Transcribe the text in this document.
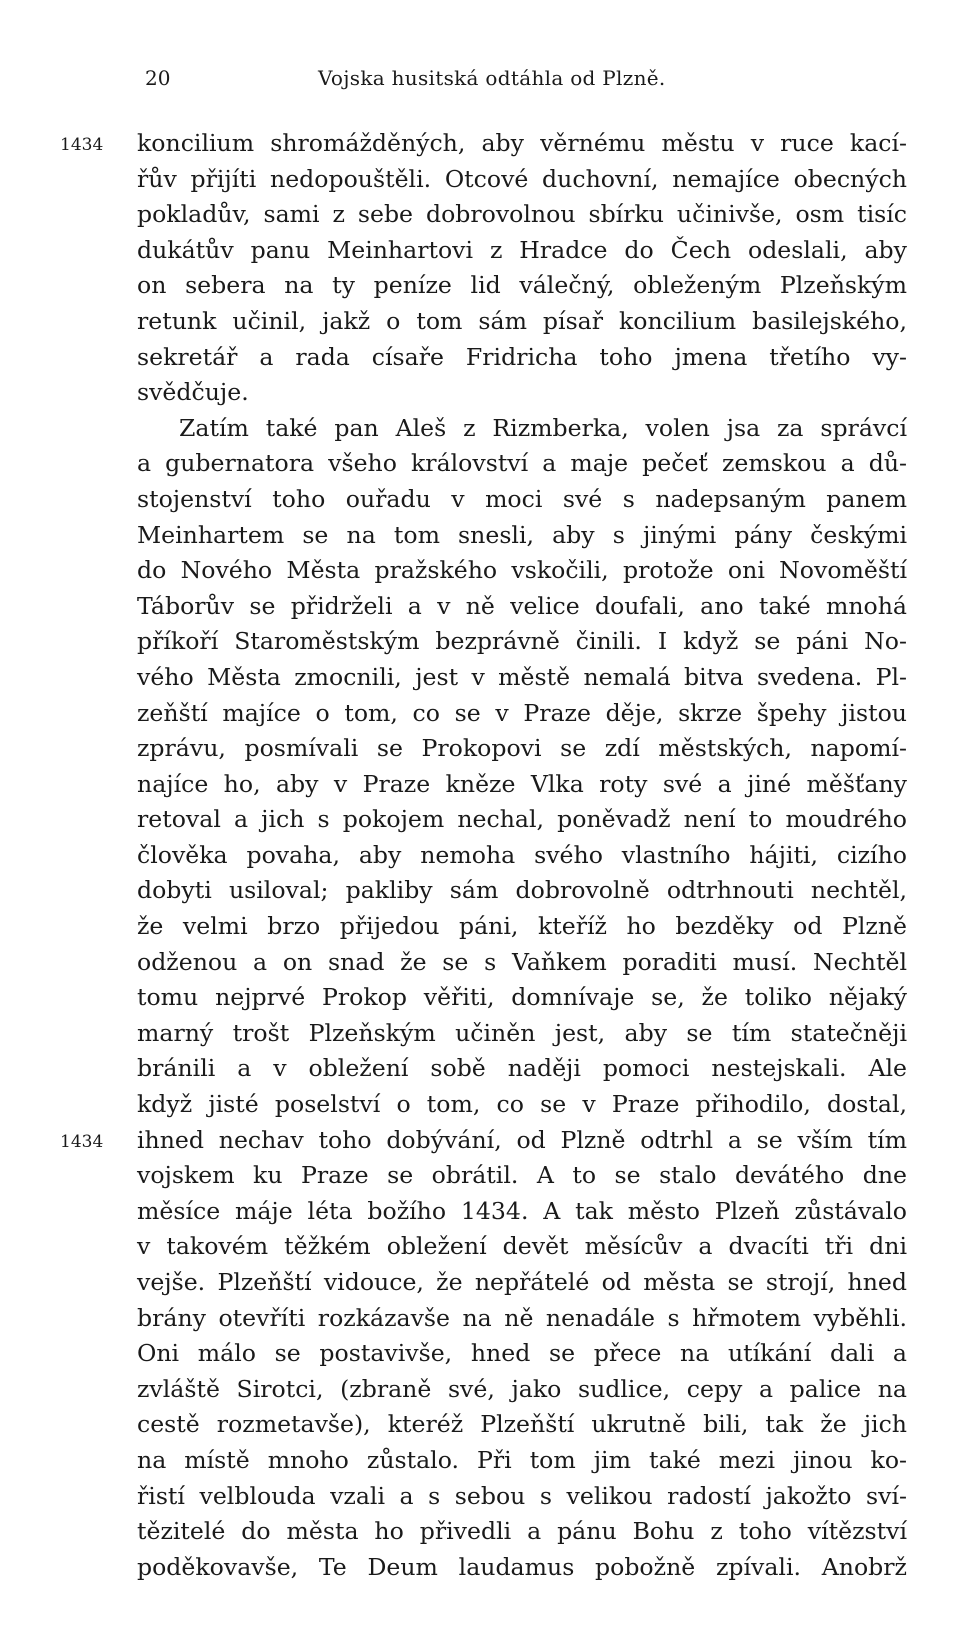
20	Vojska husitská odtáhla od Plzně.
1434
1434
koncilium shromážděných, aby věrnému městu v ruce kací-
řův přijíti nedopouštěli. Otcové duchovní, nemajíce obecných
pokladův, sami z sebe dobrovolnou sbírku učinivše, osm tisíc
dukátův panu Meinhartovi z Hradce do Čech odeslali, aby
on sebera na ty peníze lid válečný, obleženým Plzeňským
retunk učinil, jakž o tom sám písař koncilium basilejského,
sekretář a rada císaře Fridricha toho jmena třetího vy-
svědčuje.
Zatím také pan Aleš z Rizmberka, volen jsa za správcí
a gubernatora všeho království a maje pečeť zemskou a dů-
stojenství toho ouřadu v moci své s nadepsaným panem
Meinhartem se na tom snesli, aby s jinými pány českými
do Nového Města pražského vskočili, protože oni Novoměští
Táborův se přidrželi a v ně velice doufali, ano také mnohá
příkoří Staroměstským bezprávně činili. I když se páni No-
vého Města zmocnili, jest v městě nemalá bitva svedena. Pl-
zeňští majíce o tom, co se v Praze děje, skrze špehy jistou
zprávu, posmívali se Prokopovi se zdí městských, napomí-
najíce ho, aby v Praze kněze Vlka roty své a jiné měšťany
retoval a jich s pokojem nechal, poněvadž není to moudrého
člověka povaha, aby nemoha svého vlastního hájiti, cizího
dobyti usiloval; pakliby sám dobrovolně odtrhnouti nechtěl,
že velmi brzo přijedou páni, kteříž ho bezděky od Plzně
odženou a on snad že se s Vaňkem poraditi musí. Nechtěl
tomu nejprvé Prokop věřiti, domnívaje se, že toliko nějaký
marný trošt Plzeňským učiněn jest, aby se tím statečněji
bránili a v obležení sobě naději pomoci nestejskali. Ale
když jisté poselství o tom, co se v Praze přihodilo, dostal,
ihned nechav toho dobývání, od Plzně odtrhl a se vším tím
vojskem ku Praze se obrátil. A to se stalo devátého dne
měsíce máje léta božího 1434. A tak město Plzeň zůstávalo
v takovém těžkém obležení devět měsícův a dvacíti tři dni
vejše. Plzeňští vidouce, že nepřátelé od města se strojí, hned
brány otevříti rozkázavše na ně nenadále s hřmotem vyběhli.
Oni málo se postavivše, hned se přece na utíkání dali a
zvláště Sirotci, (zbraně své, jako sudlice, cepy a palice na
cestě rozmetavše), kteréž Plzeňští ukrutně bili, tak že jich
na místě mnoho zůstalo. Při tom jim také mezi jinou ko-
řistí velblouda vzali a s sebou s velikou radostí jakožto sví-
tězitelé do města ho přivedli a pánu Bohu z toho vítězství
poděkovavše, Te Deum laudamus pobožně zpívali. Anobrž
